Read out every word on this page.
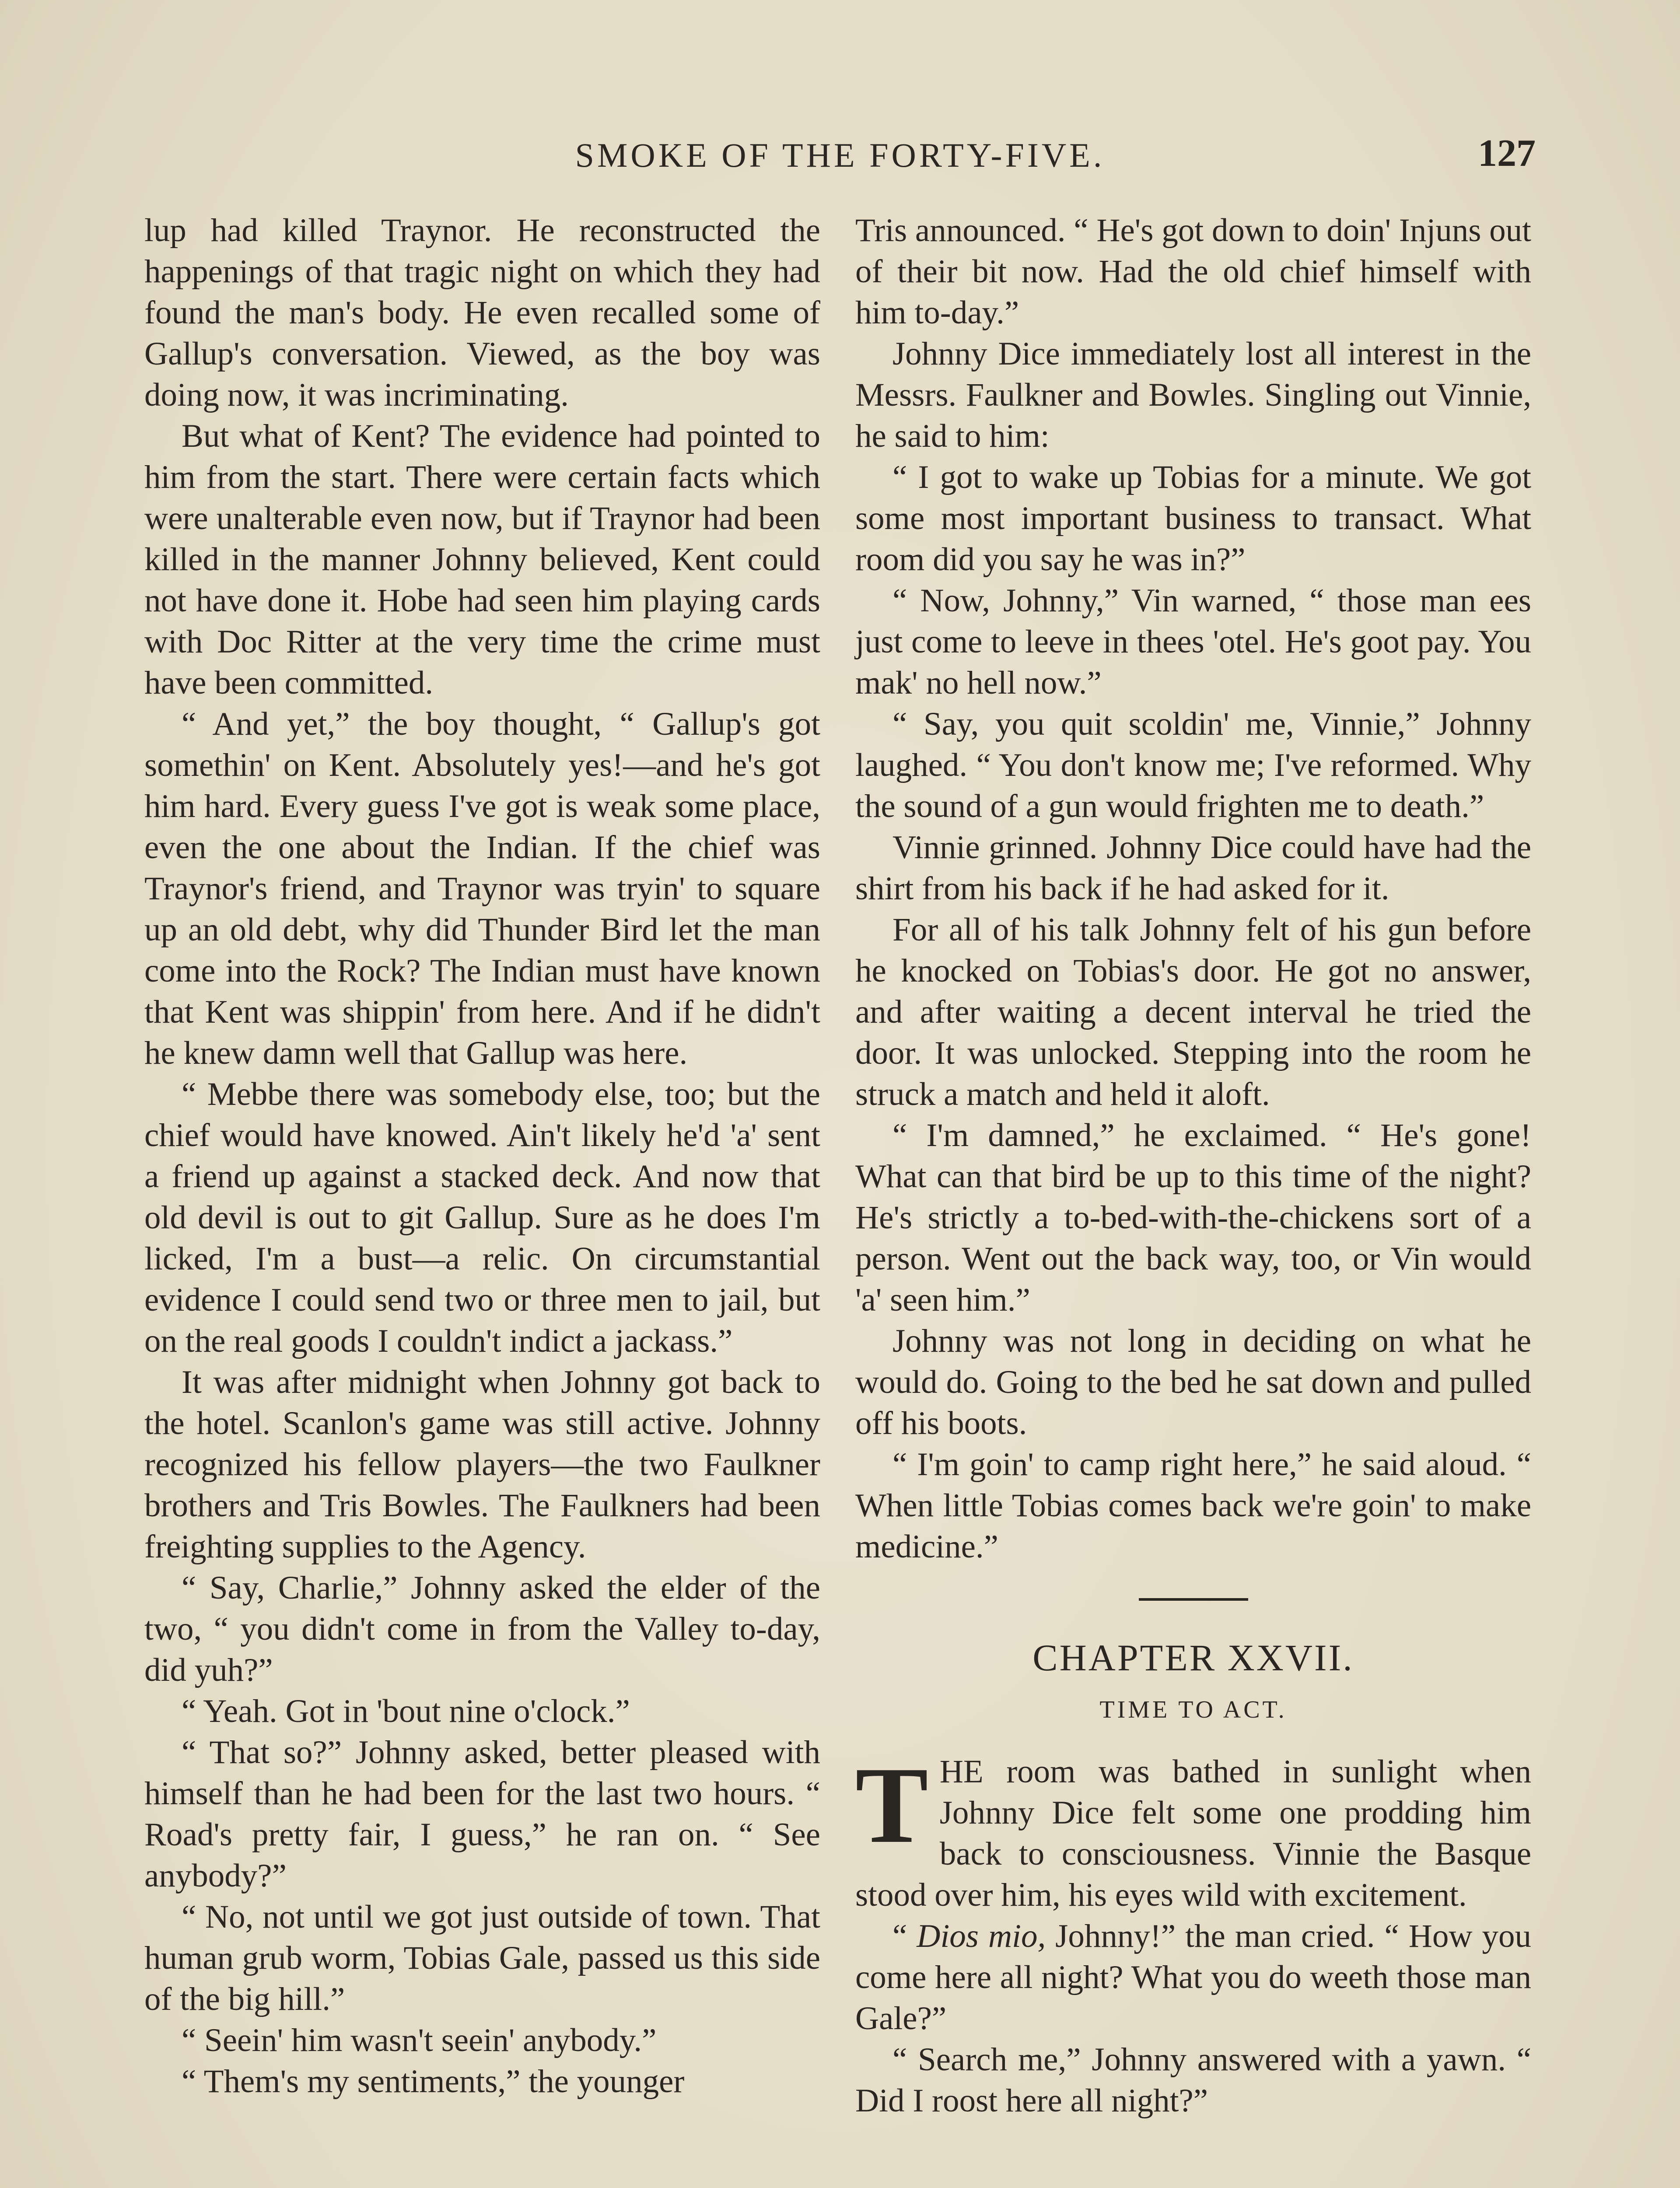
SMOKE OF THE FORTY-FIVE.	127

lup had killed Traynor. He reconstructed the happenings of that tragic night on which they had found the man's body. He even recalled some of Gallup's conversation. Viewed, as the boy was doing now, it was incriminating.

But what of Kent? The evidence had pointed to him from the start. There were certain facts which were unalterable even now, but if Traynor had been killed in the manner Johnny believed, Kent could not have done it. Hobe had seen him playing cards with Doc Ritter at the very time the crime must have been committed.

“ And yet,” the boy thought, “ Gallup's got somethin' on Kent. Absolutely yes!—and he's got him hard. Every guess I've got is weak some place, even the one about the Indian. If the chief was Traynor's friend, and Traynor was tryin' to square up an old debt, why did Thunder Bird let the man come into the Rock? The Indian must have known that Kent was shippin' from here. And if he didn't he knew damn well that Gallup was here.

“ Mebbe there was somebody else, too; but the chief would have knowed. Ain't likely he'd 'a' sent a friend up against a stacked deck. And now that old devil is out to git Gallup. Sure as he does I'm licked, I'm a bust—a relic. On circumstantial evidence I could send two or three men to jail, but on the real goods I couldn't indict a jackass.”

It was after midnight when Johnny got back to the hotel. Scanlon's game was still active. Johnny recognized his fellow players—the two Faulkner brothers and Tris Bowles. The Faulkners had been freighting supplies to the Agency.

“ Say, Charlie,” Johnny asked the elder of the two, “ you didn't come in from the Valley to-day, did yuh?”

“ Yeah. Got in 'bout nine o'clock.”

“ That so?” Johnny asked, better pleased with himself than he had been for the last two hours. “ Road's pretty fair, I guess,” he ran on. “ See anybody?”

“ No, not until we got just outside of town. That human grub worm, Tobias Gale, passed us this side of the big hill.”

“ Seein' him wasn't seein' anybody.”

“ Them's my sentiments,” the younger

Tris announced. “ He's got down to doin' Injuns out of their bit now. Had the old chief himself with him to-day.”

Johnny Dice immediately lost all interest in the Messrs. Faulkner and Bowles. Singling out Vinnie, he said to him:

“ I got to wake up Tobias for a minute. We got some most important business to transact. What room did you say he was in?”

“ Now, Johnny,” Vin warned, “ those man ees just come to leeve in thees 'otel. He's goot pay. You mak' no hell now.”

“ Say, you quit scoldin' me, Vinnie,” Johnny laughed. “ You don't know me; I've reformed. Why the sound of a gun would frighten me to death.”

Vinnie grinned. Johnny Dice could have had the shirt from his back if he had asked for it.

For all of his talk Johnny felt of his gun before he knocked on Tobias's door. He got no answer, and after waiting a decent interval he tried the door. It was unlocked. Stepping into the room he struck a match and held it aloft.

“ I'm damned,” he exclaimed. “ He's gone! What can that bird be up to this time of the night? He's strictly a to-bed-with-the-chickens sort of a person. Went out the back way, too, or Vin would 'a' seen him.”

Johnny was not long in deciding on what he would do. Going to the bed he sat down and pulled off his boots.

“ I'm goin' to camp right here,” he said aloud. “ When little Tobias comes back we're goin' to make medicine.”

CHAPTER XXVII.
TIME TO ACT.

THE room was bathed in sunlight when Johnny Dice felt some one prodding him back to consciousness. Vinnie the Basque stood over him, his eyes wild with excitement.

“ Dios mio, Johnny!” the man cried. “ How you come here all night? What you do weeth those man Gale?”

“ Search me,” Johnny answered with a yawn. “ Did I roost here all night?”
